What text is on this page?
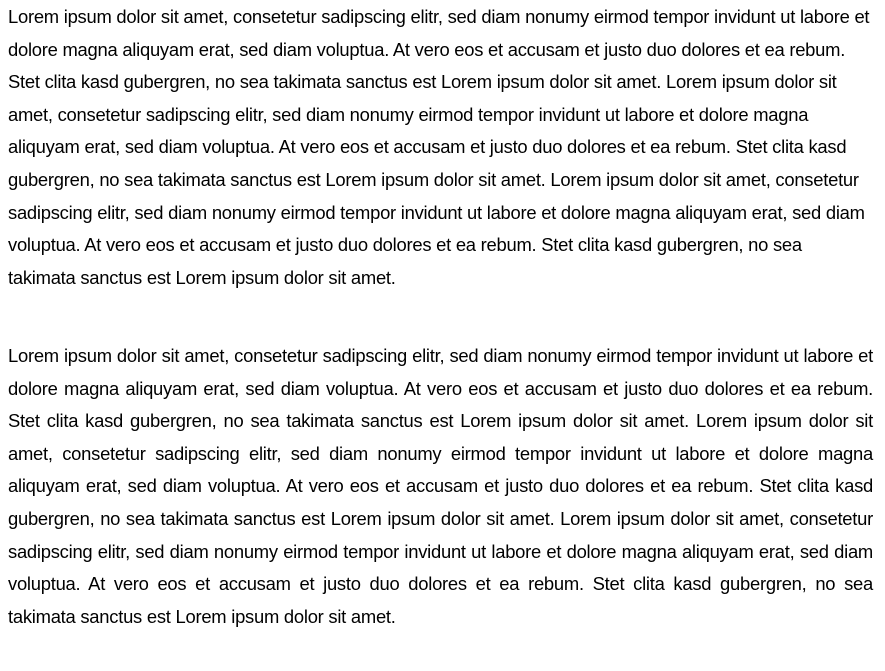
Lorem ipsum dolor sit amet, consetetur sadipscing elitr, sed diam nonumy eirmod tempor invidunt ut labore et dolore magna aliquyam erat, sed diam voluptua. At vero eos et accusam et justo duo dolores et ea rebum. Stet clita kasd gubergren, no sea takimata sanctus est Lorem ipsum dolor sit amet. Lorem ipsum dolor sit amet, consetetur sadipscing elitr, sed diam nonumy eirmod tempor invidunt ut labore et dolore magna aliquyam erat, sed diam voluptua. At vero eos et accusam et justo duo dolores et ea rebum. Stet clita kasd gubergren, no sea takimata sanctus est Lorem ipsum dolor sit amet. Lorem ipsum dolor sit amet, consetetur sadipscing elitr, sed diam nonumy eirmod tempor invidunt ut labore et dolore magna aliquyam erat, sed diam voluptua. At vero eos et accusam et justo duo dolores et ea rebum. Stet clita kasd gubergren, no sea takimata sanctus est Lorem ipsum dolor sit amet.

Lorem ipsum dolor sit amet, consetetur sadipscing elitr, sed diam nonumy eirmod tempor invidunt ut labore et dolore magna aliquyam erat, sed diam voluptua. At vero eos et accusam et justo duo dolores et ea rebum. Stet clita kasd gubergren, no sea takimata sanctus est Lorem ipsum dolor sit amet. Lorem ipsum dolor sit amet, consetetur sadipscing elitr, sed diam nonumy eirmod tempor invidunt ut labore et dolore magna aliquyam erat, sed diam voluptua. At vero eos et accusam et justo duo dolores et ea rebum. Stet clita kasd gubergren, no sea takimata sanctus est Lorem ipsum dolor sit amet. Lorem ipsum dolor sit amet, consetetur sadipscing elitr, sed diam nonumy eirmod tempor invidunt ut labore et dolore magna aliquyam erat, sed diam voluptua. At vero eos et accusam et justo duo dolores et ea rebum. Stet clita kasd gubergren, no sea takimata sanctus est Lorem ipsum dolor sit amet.
